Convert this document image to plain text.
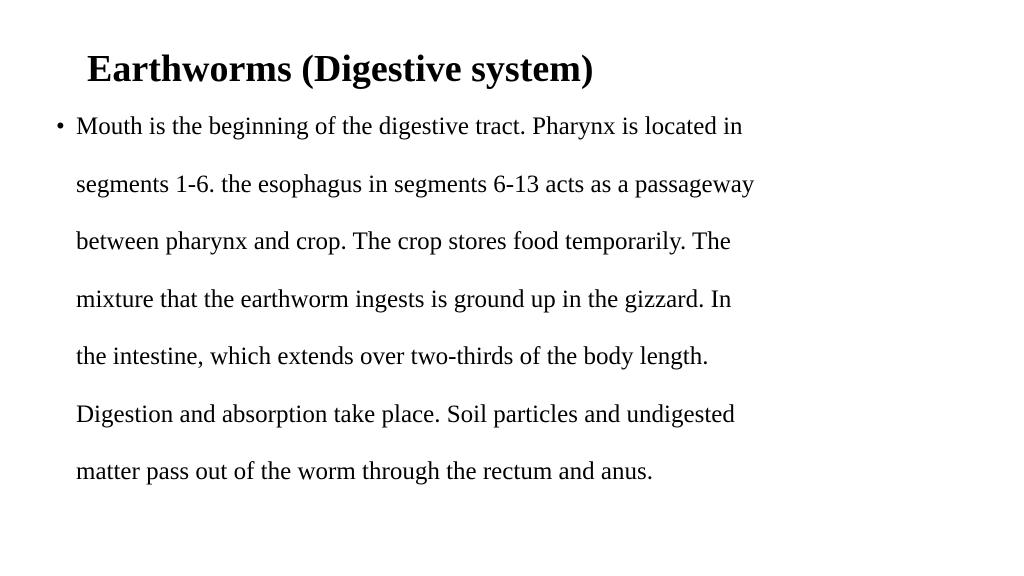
Earthworms (Digestive system)
• Mouth is the beginning of the digestive tract. Pharynx is located in
segments 1-6. the esophagus in segments 6-13 acts as a passageway
between pharynx and crop. The crop stores food temporarily. The
mixture that the earthworm ingests is ground up in the gizzard. In
the intestine, which extends over two-thirds of the body length.
Digestion and absorption take place. Soil particles and undigested
matter pass out of the worm through the rectum and anus.
